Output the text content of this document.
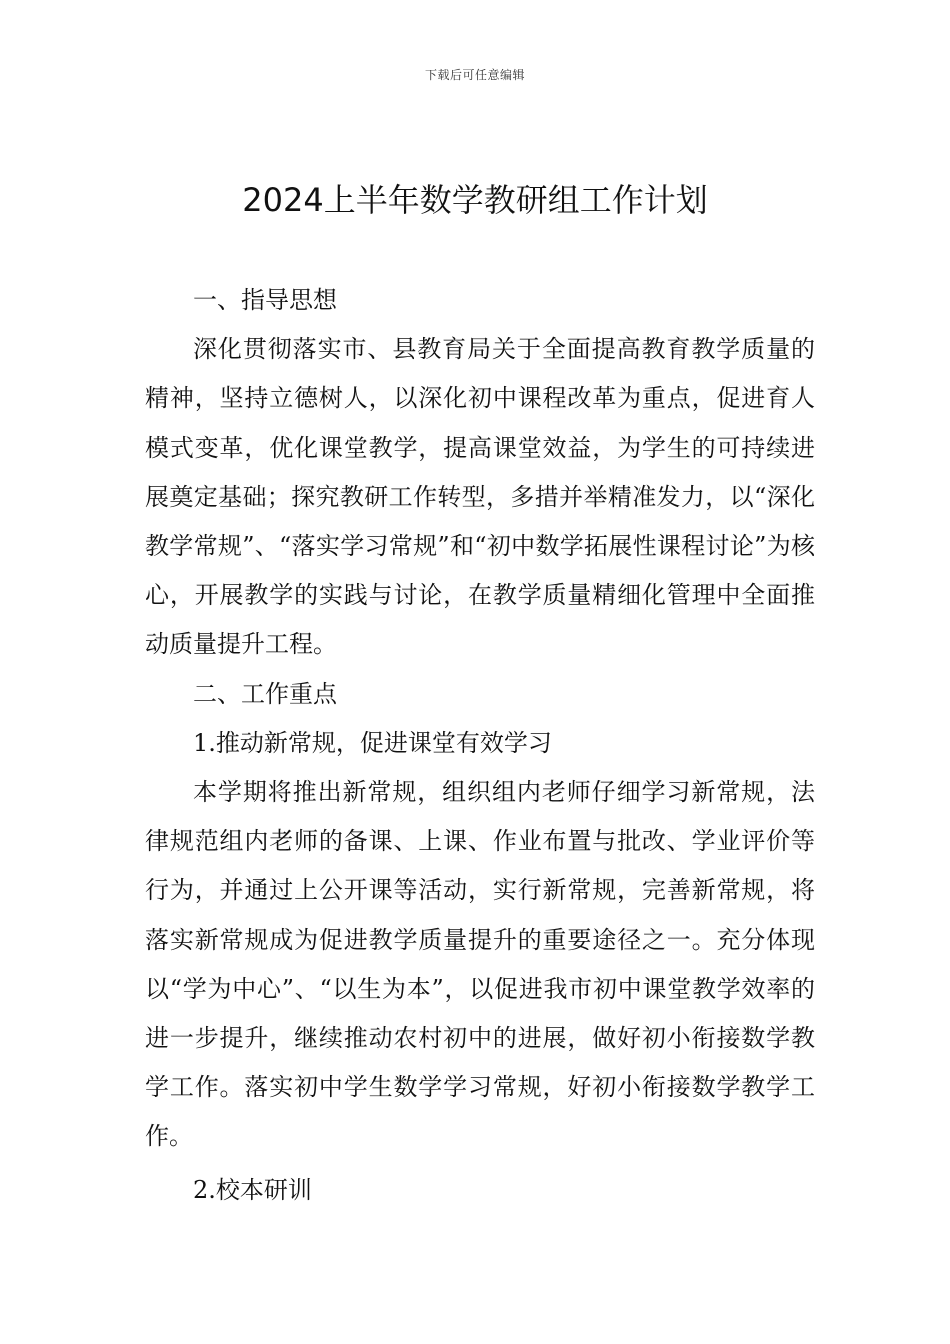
下载后可任意编辑
2024上半年数学教研组工作计划

一、指导思想

深化贯彻落实市、县教育局关于全面提高教育教学质量的精神，坚持立德树人，以深化初中课程改革为重点，促进育人模式变革，优化课堂教学，提高课堂效益，为学生的可持续进展奠定基础；探究教研工作转型，多措并举精准发力，以“深化教学常规”、“落实学习常规”和“初中数学拓展性课程讨论”为核心，开展教学的实践与讨论，在教学质量精细化管理中全面推动质量提升工程。

二、工作重点

1.推动新常规，促进课堂有效学习

本学期将推出新常规，组织组内老师仔细学习新常规，法律规范组内老师的备课、上课、作业布置与批改、学业评价等行为，并通过上公开课等活动，实行新常规，完善新常规，将落实新常规成为促进教学质量提升的重要途径之一。充分体现以“学为中心”、“以生为本”，以促进我市初中课堂教学效率的进一步提升，继续推动农村初中的进展，做好初小衔接数学教学工作。落实初中学生数学学习常规，好初小衔接数学教学工作。

2.校本研训
